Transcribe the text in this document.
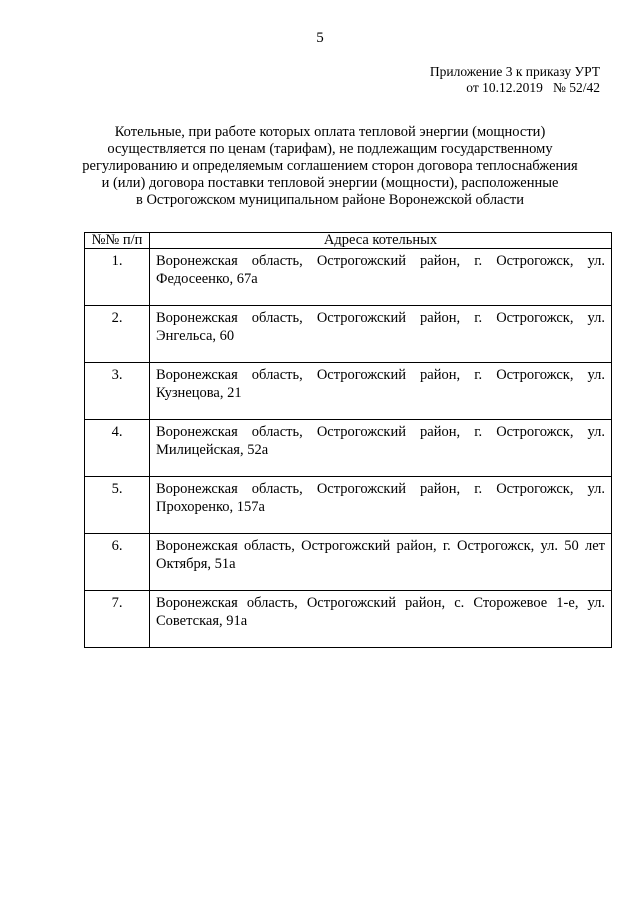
5
Приложение 3 к приказу УРТ
от 10.12.2019   № 52/42
Котельные, при работе которых оплата тепловой энергии (мощности)
осуществляется по ценам (тарифам), не подлежащим государственному
регулированию и определяемым соглашением сторон договора теплоснабжения
и (или) договора поставки тепловой энергии (мощности), расположенные
в Острогожском муниципальном районе Воронежской области
№№ п/п	Адреса котельных
1.	Воронежская область, Острогожский район, г. Острогожск, ул. Федосеенко, 67а
2.	Воронежская область, Острогожский район, г. Острогожск, ул. Энгельса, 60
3.	Воронежская область, Острогожский район, г. Острогожск, ул. Кузнецова, 21
4.	Воронежская область, Острогожский район, г. Острогожск, ул. Милицейская, 52а
5.	Воронежская область, Острогожский район, г. Острогожск, ул. Прохоренко, 157а
6.	Воронежская область, Острогожский район, г. Острогожск, ул. 50 лет Октября, 51а
7.	Воронежская область, Острогожский район, с. Сторожевое 1-е, ул. Советская, 91а
